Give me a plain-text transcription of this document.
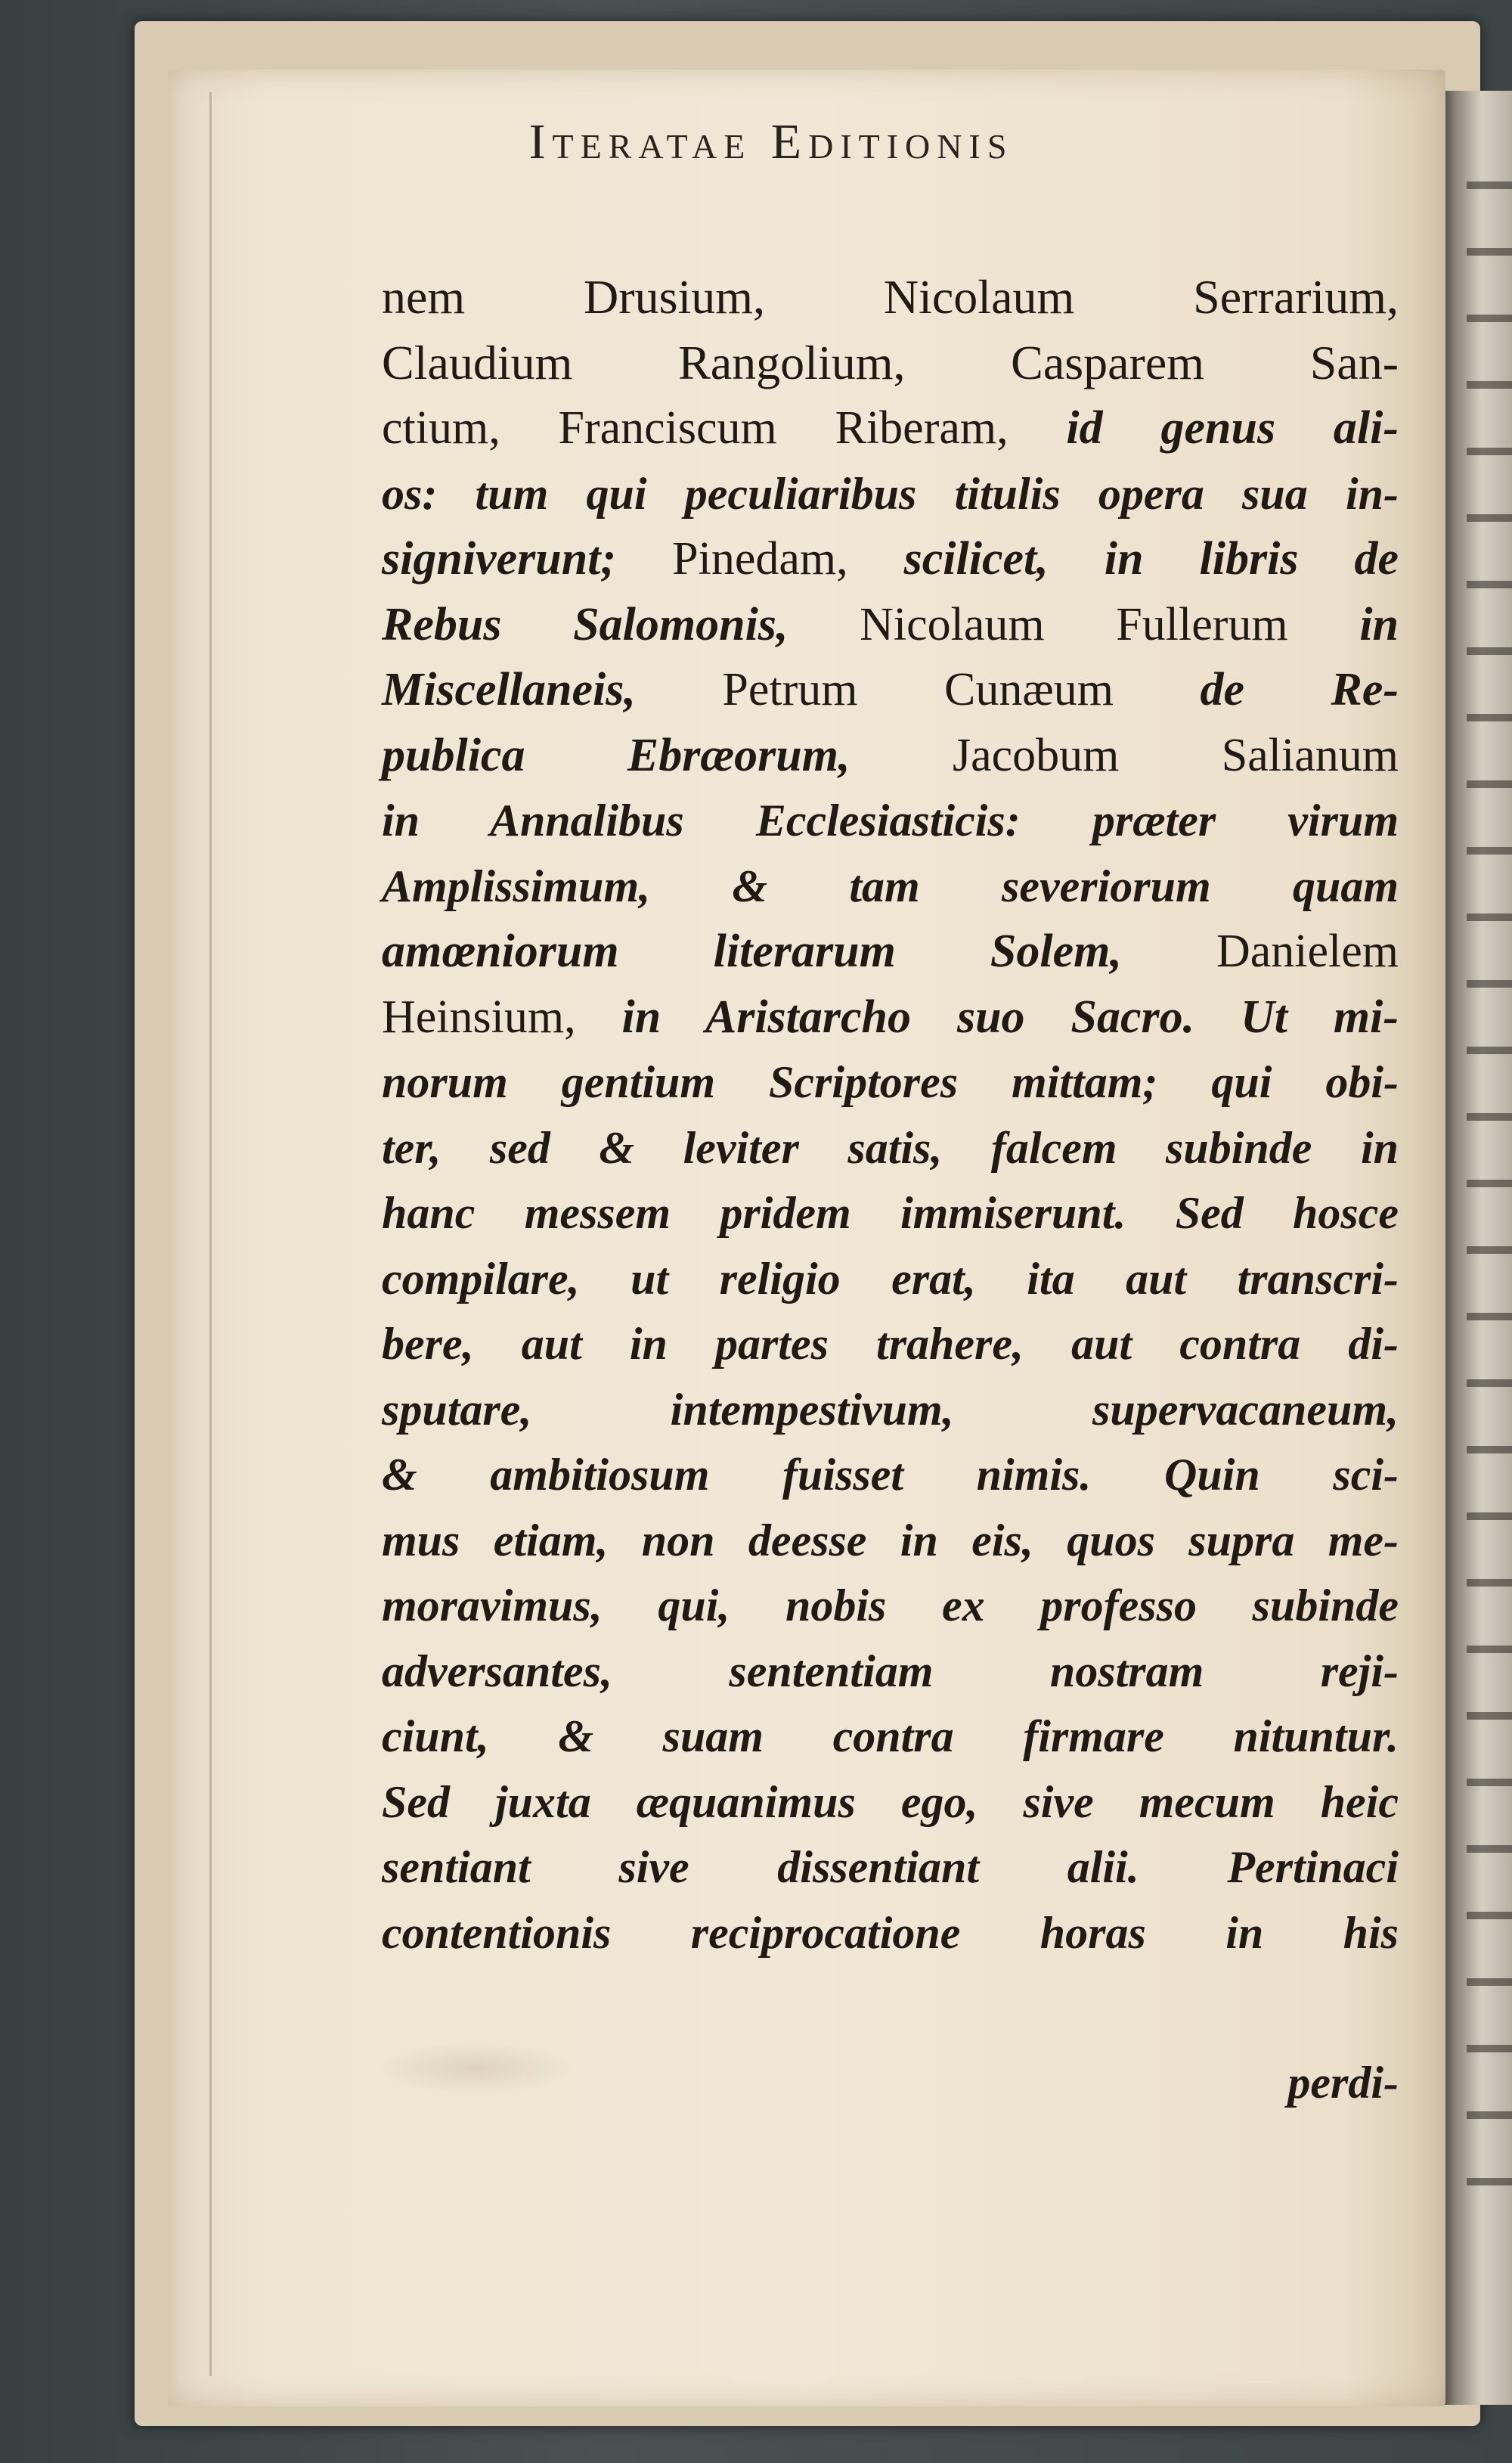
Iteratae Editionis
nem Drusium, Nicolaum Serrarium,
Claudium Rangolium, Casparem San-
ctium, Franciscum Riberam, id genus ali-
os: tum qui peculiaribus titulis opera sua in-
signiverunt; Pinedam, scilicet, in libris de
Rebus Salomonis, Nicolaum Fullerum in
Miscellaneis, Petrum Cunæum de Re-
publica Ebræorum, Jacobum Salianum
in Annalibus Ecclesiasticis: præter virum
Amplissimum, & tam severiorum quam
amœniorum literarum Solem, Danielem
Heinsium, in Aristarcho suo Sacro. Ut mi-
norum gentium Scriptores mittam; qui obi-
ter, sed & leviter satis, falcem subinde in
hanc messem pridem immiserunt. Sed hosce
compilare, ut religio erat, ita aut transcri-
bere, aut in partes trahere, aut contra di-
sputare, intempestivum, supervacaneum,
& ambitiosum fuisset nimis. Quin sci-
mus etiam, non deesse in eis, quos supra me-
moravimus, qui, nobis ex professo subinde
adversantes, sententiam nostram reji-
ciunt, & suam contra firmare nituntur.
Sed juxta æquanimus ego, sive mecum heic
sentiant sive dissentiant alii. Pertinaci
contentionis reciprocatione horas in his
perdi-
